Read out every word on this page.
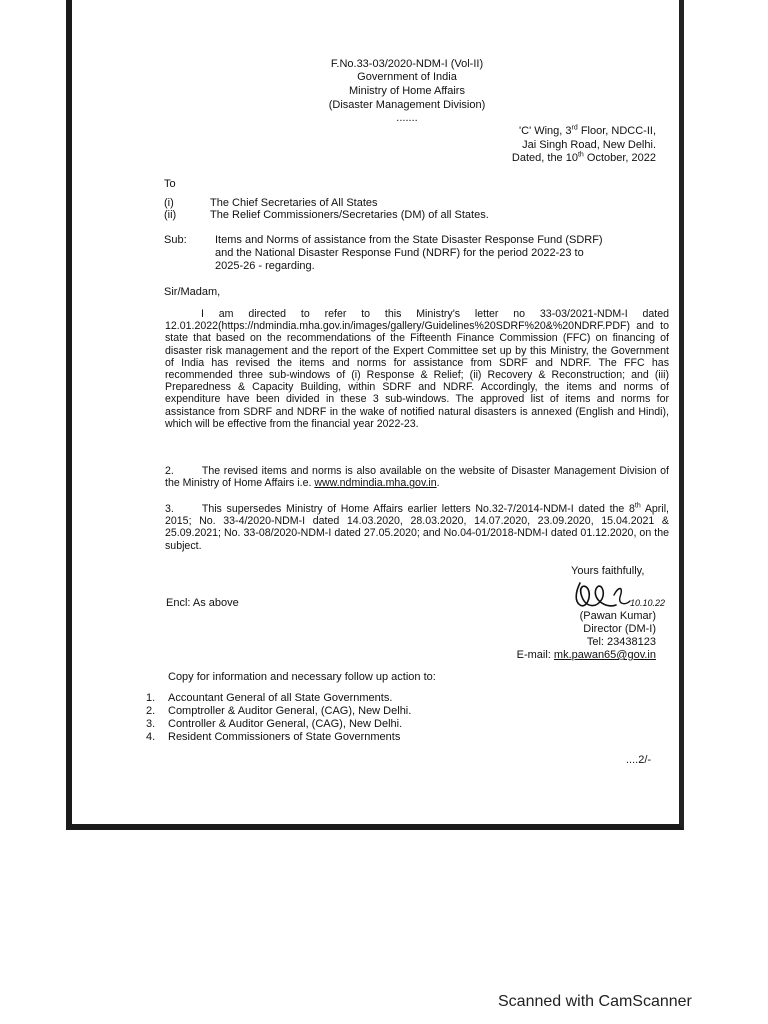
F.No.33-03/2020-NDM-I (Vol-II)
Government of India
Ministry of Home Affairs
(Disaster Management Division)
.......
'C' Wing, 3rd Floor, NDCC-II,
Jai Singh Road, New Delhi.
Dated, the 10th October, 2022
To
(i)	The Chief Secretaries of All States
(ii)	The Relief Commissioners/Secretaries (DM) of all States.
Sub:	Items and Norms of assistance from the State Disaster Response Fund (SDRF)
and the National Disaster Response Fund (NDRF) for the period 2022-23 to
2025-26 - regarding.
Sir/Madam,
I am directed to refer to this Ministry's letter no 33-03/2021-NDM-I dated 12.01.2022(https://ndmindia.mha.gov.in/images/gallery/Guidelines%20SDRF%20&%20NDRF.PDF) and to state that based on the recommendations of the Fifteenth Finance Commission (FFC) on financing of disaster risk management and the report of the Expert Committee set up by this Ministry, the Government of India has revised the items and norms for assistance from SDRF and NDRF. The FFC has recommended three sub-windows of (i) Response & Relief; (ii) Recovery & Reconstruction; and (iii) Preparedness & Capacity Building, within SDRF and NDRF. Accordingly, the items and norms of expenditure have been divided in these 3 sub-windows. The approved list of items and norms for assistance from SDRF and NDRF in the wake of notified natural disasters is annexed (English and Hindi), which will be effective from the financial year 2022-23.
2.	The revised items and norms is also available on the website of Disaster Management Division of the Ministry of Home Affairs i.e. www.ndmindia.mha.gov.in.
3.	This supersedes Ministry of Home Affairs earlier letters No.32-7/2014-NDM-I dated the 8th April, 2015; No. 33-4/2020-NDM-I dated 14.03.2020, 28.03.2020, 14.07.2020, 23.09.2020, 15.04.2021 & 25.09.2021; No. 33-08/2020-NDM-I dated 27.05.2020; and No.04-01/2018-NDM-I dated 01.12.2020, on the subject.
Yours faithfully,
Encl: As above	10.10.22
(Pawan Kumar)
Director (DM-I)
Tel: 23438123
E-mail: mk.pawan65@gov.in
Copy for information and necessary follow up action to:
1. Accountant General of all State Governments.
2. Comptroller & Auditor General, (CAG), New Delhi.
3. Controller & Auditor General, (CAG), New Delhi.
4. Resident Commissioners of State Governments
....2/-
Scanned with CamScanner
